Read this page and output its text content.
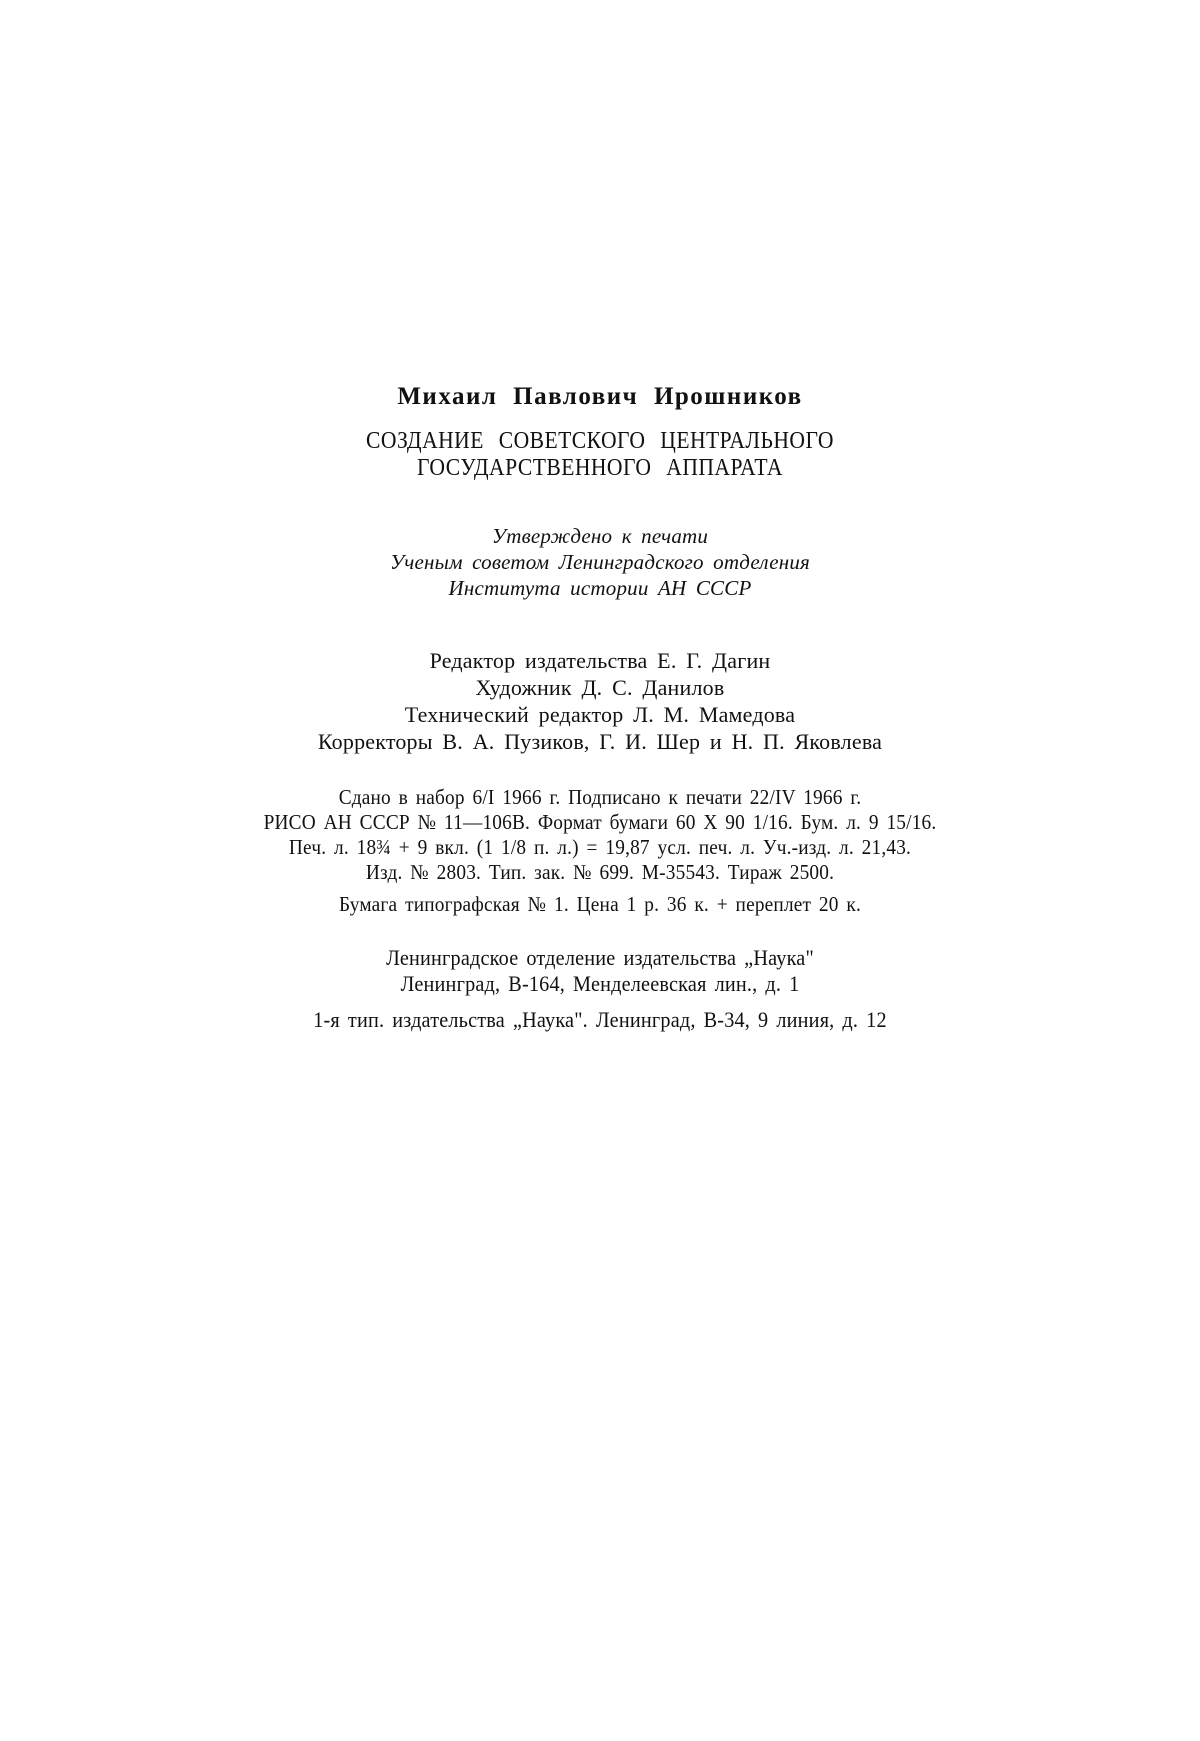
Михаил Павлович Ирошников
СОЗДАНИЕ СОВЕТСКОГО ЦЕНТРАЛЬНОГО
ГОСУДАРСТВЕННОГО АППАРАТА
Утверждено к печати
Ученым советом Ленинградского отделения
Института истории АН СССР
Редактор издательства Е. Г. Дагин
Художник Д. С. Данилов
Технический редактор Л. М. Мамедова
Корректоры В. А. Пузиков, Г. И. Шер и Н. П. Яковлева
Сдано в набор 6/I 1966 г. Подписано к печати 22/IV 1966 г.
РИСО АН СССР № 11—106В. Формат бумаги 60 X 90 1/16. Бум. л. 9 15/16.
Печ. л. 18¾ + 9 вкл. (1 1/8 п. л.) = 19,87 усл. печ. л. Уч.-изд. л. 21,43.
Изд. № 2803. Тип. зак. № 699. М-35543. Тираж 2500.
Бумага типографская № 1. Цена 1 р. 36 к. + переплет 20 к.
Ленинградское отделение издательства „Наука"
Ленинград, В-164, Менделеевская лин., д. 1
1-я тип. издательства „Наука". Ленинград, В-34, 9 линия, д. 12
